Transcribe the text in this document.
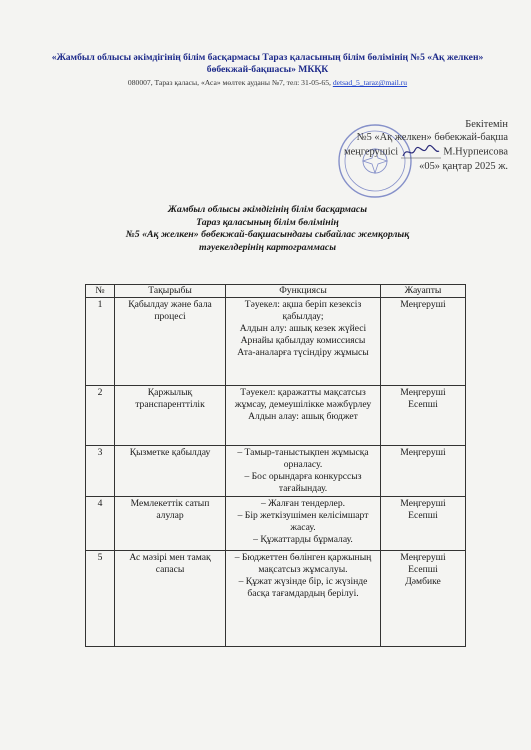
«Жамбыл облысы әкімдігінің білім басқармасы Тараз қаласының білім бөлімінің №5 «Ақ желкен» бөбекжай-бақшасы» МКҚК
080007, Тараз қаласы, «Аса» мөлтек ауданы №7, тел: 31-05-65, detsad_5_taraz@mail.ru
Бекітемін
№5 «Ақ желкен» бөбекжай-бақша
меңгерушісі	М.Нурпеисова
«05» қаңтар 2025 ж.
Жамбыл облысы әкімдігінің білім басқармасы
Тараз қаласының білім бөлімінің
№5 «Ақ желкен» бөбекжай-бақшасындағы сыбайлас жемқорлық
тәуекелдерінің картограммасы
№	Тақырыбы	Функциясы	Жауапты
1	Қабылдау және бала процесі	Тәуекел: ақша беріп кезексіз қабылдау;
Алдын алу: ашық кезек жүйесі
Арнайы қабылдау комиссиясы
Ата-аналарға түсіндіру жұмысы	Меңгеруші

2	Қаржылық транспаренттілік	Тәуекел: қаражатты мақсатсыз жұмсау, демеушілікке мәжбүрлеу
Алдын алау: ашық бюджет	Меңгеруші
Есепші

3	Қызметке қабылдау	– Тамыр-таныстықпен жұмысқа орналасу.
– Бос орындарға конкурссыз тағайындау.	Меңгеруші

4	Мемлекеттік сатып алулар	– Жалған тендерлер.
– Бір жеткізушімен келісімшарт жасау.
– Құжаттарды бұрмалау.	Меңгеруші
Есепші

5	Ас мәзірі мен тамақ сапасы	– Бюджеттен бөлінген қаржының мақсатсыз жұмсалуы.
– Құжат жүзінде бір, іс жүзінде басқа тағамдардың берілуі.	Меңгеруші
Есепші
Дәмбике
